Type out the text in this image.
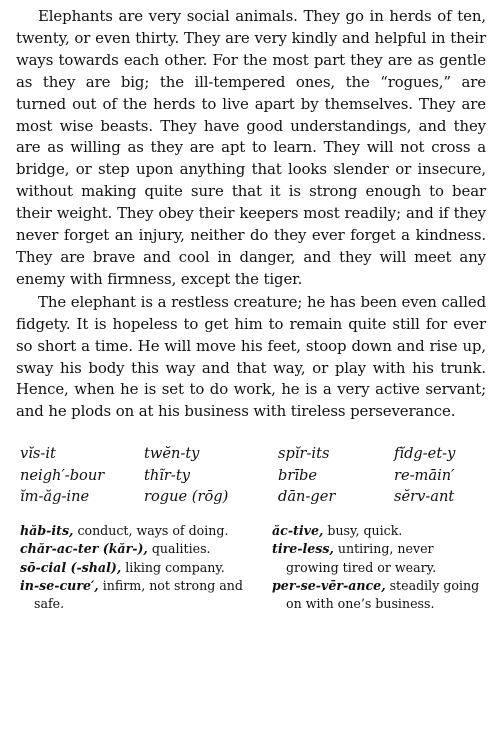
Elephants are very social animals. They go in herds of ten, twenty, or even thirty. They are very kindly and helpful in their ways towards each other. For the most part they are as gentle as they are big; the ill-tempered ones, the “rogues,” are turned out of the herds to live apart by themselves. They are most wise beasts. They have good understandings, and they are as willing as they are apt to learn. They will not cross a bridge, or step upon anything that looks slender or insecure, without making quite sure that it is strong enough to bear their weight. They obey their keepers most readily; and if they never forget an injury, neither do they ever forget a kindness. They are brave and cool in danger, and they will meet any enemy with firmness, except the tiger.

The elephant is a restless creature; he has been even called fidgety. It is hopeless to get him to remain quite still for ever so short a time. He will move his feet, stoop down and rise up, sway his body this way and that way, or play with his trunk. Hence, when he is set to do work, he is a very active servant; and he plods on at his business with tireless perseverance.

vĭs-it	twĕn-ty	spĭr-its	fĭdg-et-y
neigh′-bour	thĩr-ty	brībe	re-māin′
ĭm-ăg-ine	rogue (rōg)	dān-ger	sĕrv-ant

hăb-its, conduct, ways of doing.

chăr-ac-ter (kăr-), qualities.

sō-cial (-shal), liking company.

in-se-cure′, infirm, not strong and safe.

ăc-tive, busy, quick.

tire-less, untiring, never growing tired or weary.

per-se-vēr-ance, steadily going on with one’s business.
